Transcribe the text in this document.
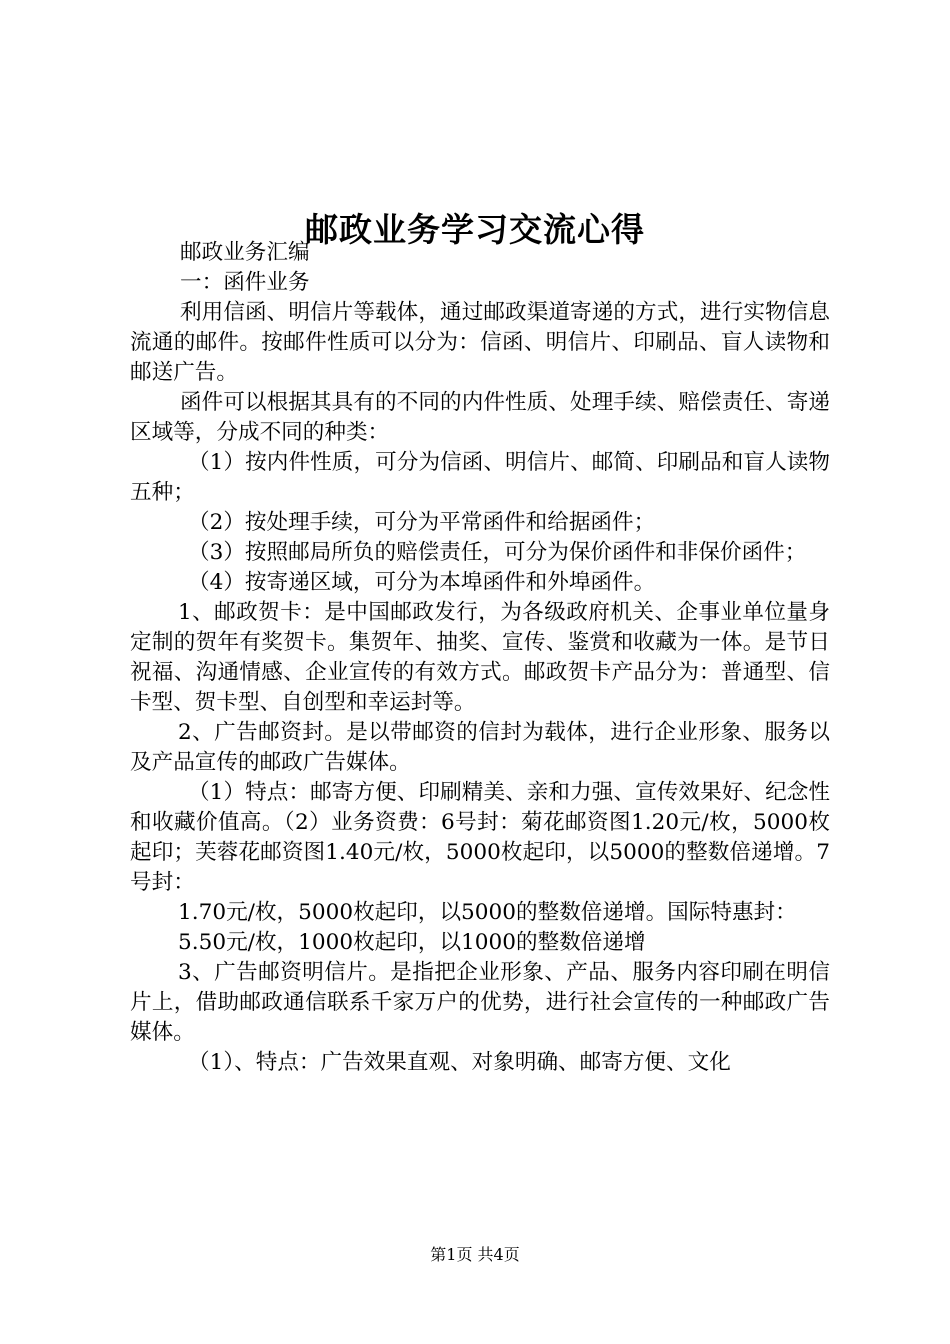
邮政业务学习交流心得

邮政业务汇编

一：函件业务

利用信函、明信片等载体，通过邮政渠道寄递的方式，进行实物信息流通的邮件。按邮件性质可以分为：信函、明信片、印刷品、盲人读物和邮送广告。

函件可以根据其具有的不同的内件性质、处理手续、赔偿责任、寄递区域等，分成不同的种类：

（1）按内件性质，可分为信函、明信片、邮简、印刷品和盲人读物五种；

（2）按处理手续，可分为平常函件和给据函件；

（3）按照邮局所负的赔偿责任，可分为保价函件和非保价函件；

（4）按寄递区域，可分为本埠函件和外埠函件。

1、邮政贺卡：是中国邮政发行，为各级政府机关、企事业单位量身定制的贺年有奖贺卡。集贺年、抽奖、宣传、鉴赏和收藏为一体。是节日祝福、沟通情感、企业宣传的有效方式。邮政贺卡产品分为：普通型、信卡型、贺卡型、自创型和幸运封等。

2、广告邮资封。是以带邮资的信封为载体，进行企业形象、服务以及产品宣传的邮政广告媒体。

（1）特点：邮寄方便、印刷精美、亲和力强、宣传效果好、纪念性和收藏价值高。（2）业务资费：6号封：菊花邮资图1.20元/枚，5000枚起印；芙蓉花邮资图1.40元/枚，5000枚起印，以5000的整数倍递增。7号封：

1.70元/枚，5000枚起印，以5000的整数倍递增。国际特惠封：

5.50元/枚，1000枚起印，以1000的整数倍递增

3、广告邮资明信片。是指把企业形象、产品、服务内容印刷在明信片上，借助邮政通信联系千家万户的优势，进行社会宣传的一种邮政广告媒体。

（1）、特点：广告效果直观、对象明确、邮寄方便、文化

第1页 共4页
